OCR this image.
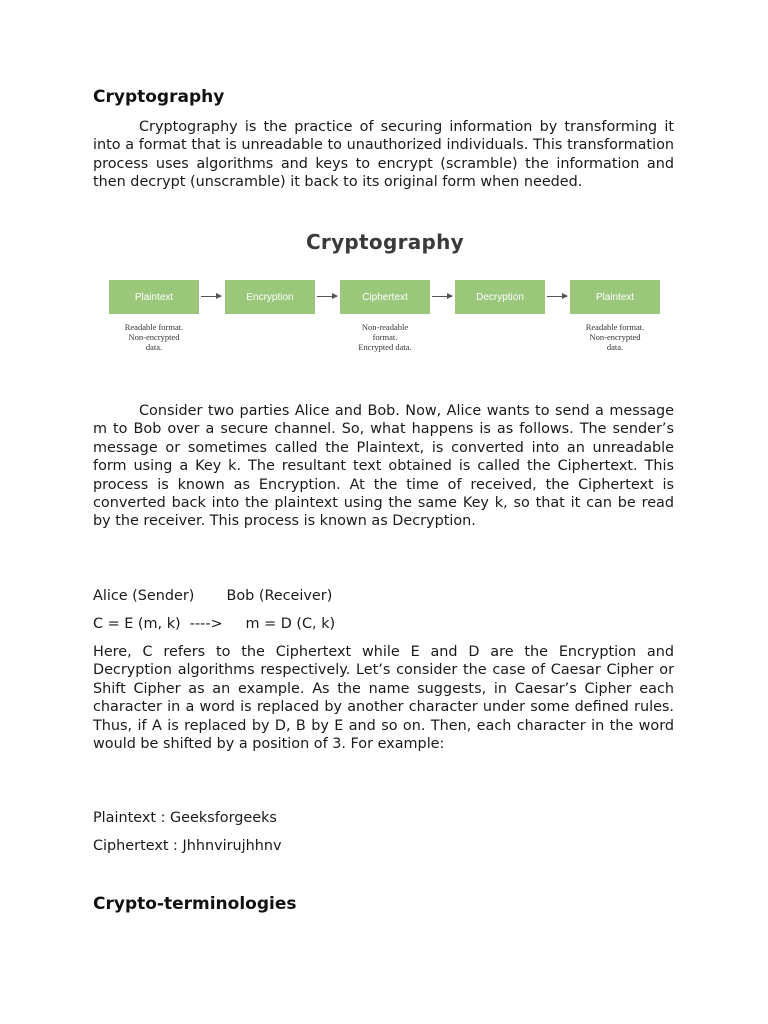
Cryptography

Cryptography is the practice of securing information by transforming it into a format that is unreadable to unauthorized individuals. This transformation process uses algorithms and keys to encrypt (scramble) the information and then decrypt (unscramble) it back to its original form when needed.

Cryptography
Plaintext	Encryption	Ciphertext	Decryption	Plaintext
Readable format.
Non-encrypted
data.
Non-readable
format.
Encrypted data.
Readable format.
Non-encrypted
data.

Consider two parties Alice and Bob. Now, Alice wants to send a message m to Bob over a secure channel. So, what happens is as follows. The sender’s message or sometimes called the Plaintext, is converted into an unreadable form using a Key k. The resultant text obtained is called the Ciphertext. This process is known as Encryption. At the time of received, the Ciphertext is converted back into the plaintext using the same Key k, so that it can be read by the receiver. This process is known as Decryption.

Alice (Sender)       Bob (Receiver)

C = E (m, k)  ---->     m = D (C, k)

Here, C refers to the Ciphertext while E and D are the Encryption and Decryption algorithms respectively. Let’s consider the case of Caesar Cipher or Shift Cipher as an example. As the name suggests, in Caesar’s Cipher each character in a word is replaced by another character under some defined rules. Thus, if A is replaced by D, B by E and so on. Then, each character in the word would be shifted by a position of 3. For example:

Plaintext : Geeksforgeeks

Ciphertext : Jhhnvirujhhnv

Crypto-terminologies
